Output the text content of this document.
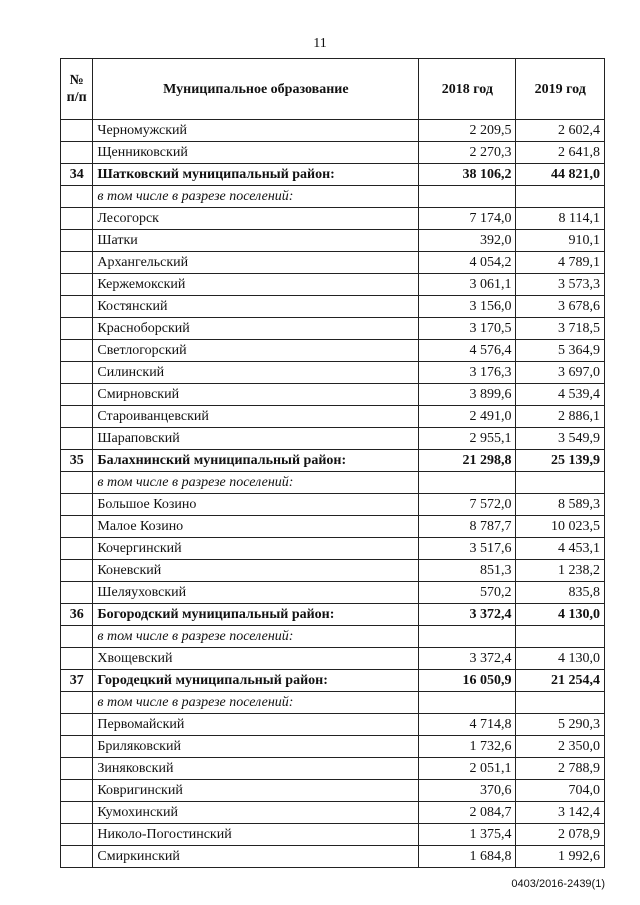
11
№
п/п	Муниципальное образование	2018 год	2019 год
	Черномужский	2 209,5	2 602,4
	Щенниковский	2 270,3	2 641,8
34	Шатковский муниципальный район:	38 106,2	44 821,0
	в том числе в разрезе поселений:		
	Лесогорск	7 174,0	8 114,1
	Шатки	392,0	910,1
	Архангельский	4 054,2	4 789,1
	Кержемокский	3 061,1	3 573,3
	Костянский	3 156,0	3 678,6
	Красноборский	3 170,5	3 718,5
	Светлогорский	4 576,4	5 364,9
	Силинский	3 176,3	3 697,0
	Смирновский	3 899,6	4 539,4
	Староиванцевский	2 491,0	2 886,1
	Шараповский	2 955,1	3 549,9
35	Балахнинский муниципальный район:	21 298,8	25 139,9
	в том числе в разрезе поселений:		
	Большое Козино	7 572,0	8 589,3
	Малое Козино	8 787,7	10 023,5
	Кочергинский	3 517,6	4 453,1
	Коневский	851,3	1 238,2
	Шеляуховский	570,2	835,8
36	Богородский муниципальный район:	3 372,4	4 130,0
	в том числе в разрезе поселений:		
	Хвощевский	3 372,4	4 130,0
37	Городецкий муниципальный район:	16 050,9	21 254,4
	в том числе в разрезе поселений:		
	Первомайский	4 714,8	5 290,3
	Бриляковский	1 732,6	2 350,0
	Зиняковский	2 051,1	2 788,9
	Ковригинский	370,6	704,0
	Кумохинский	2 084,7	3 142,4
	Николо-Погостинский	1 375,4	2 078,9
	Смиркинский	1 684,8	1 992,6
0403/2016-2439(1)
